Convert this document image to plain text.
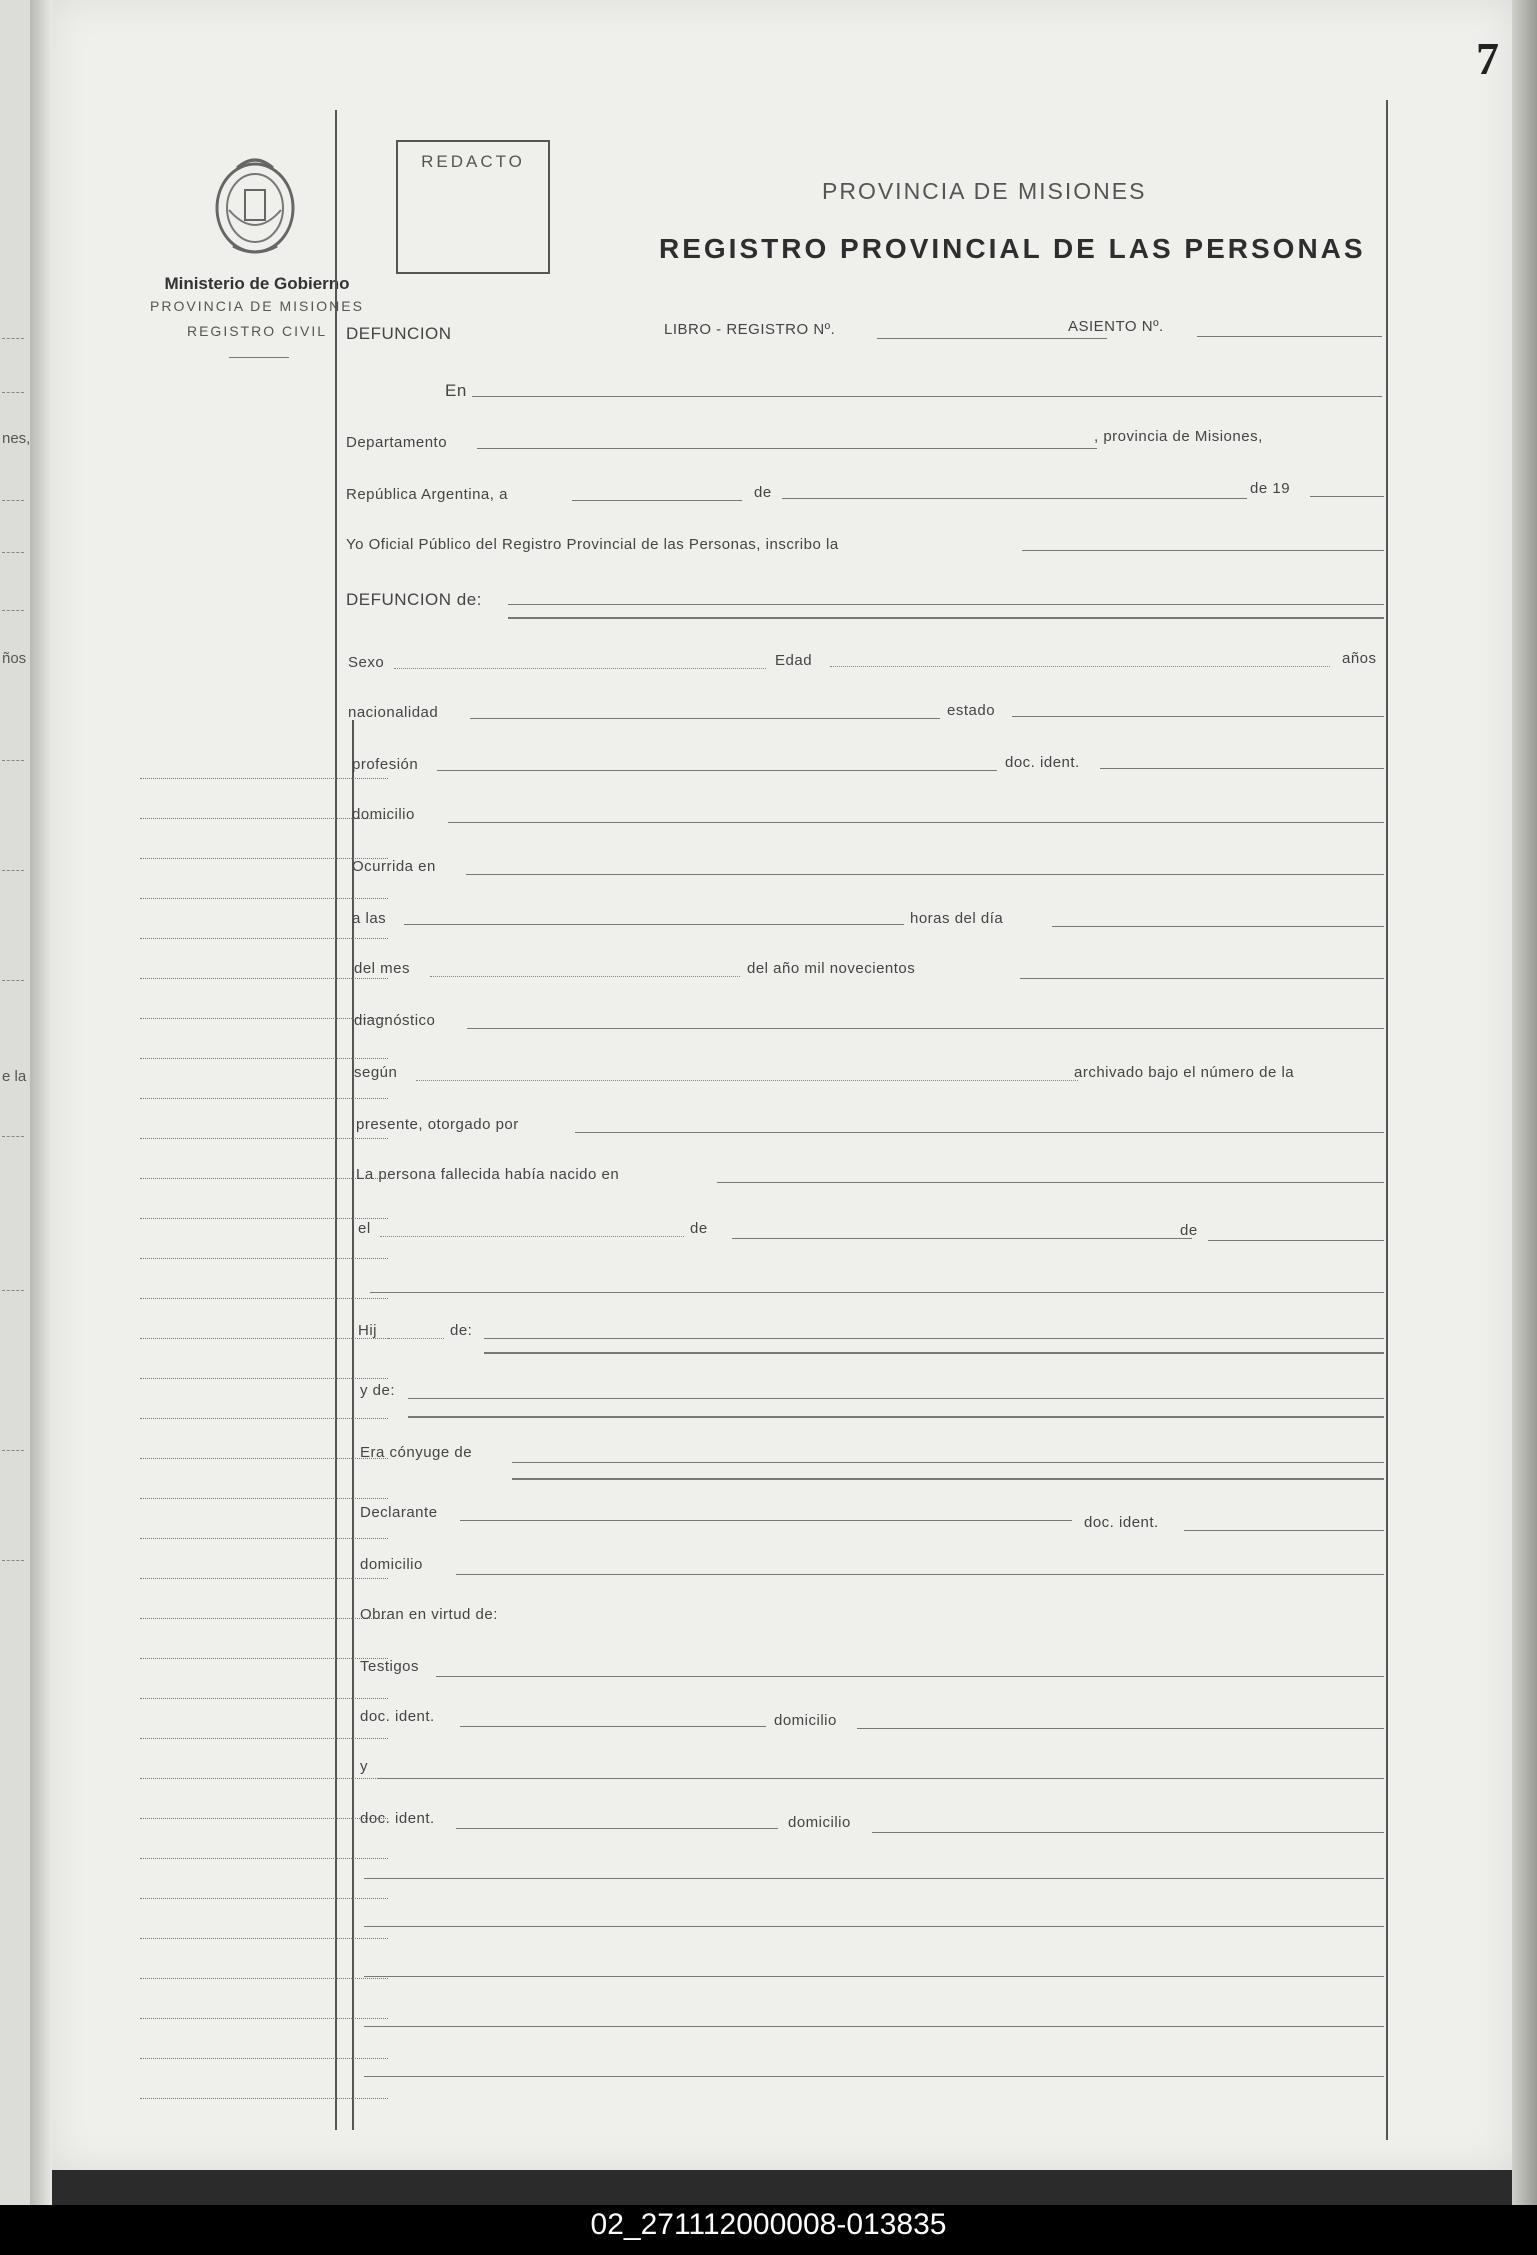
nes,
ños
e la
7
Ministerio de Gobierno
PROVINCIA DE MISIONES
REGISTRO CIVIL
REDACTO
PROVINCIA DE MISIONES
REGISTRO PROVINCIAL DE LAS PERSONAS
DEFUNCION	LIBRO - REGISTRO Nº.	ASIENTO Nº.
En
Departamento	, provincia de Misiones,
República Argentina, a	de	de 19
Yo Oficial Público del Registro Provincial de las Personas, inscribo la
DEFUNCION de:
Sexo	Edad	años
nacionalidad	estado
profesión	doc. ident.
domicilio
Ocurrida en
a las	horas del día
del mes	del año mil novecientos
diagnóstico
según	archivado bajo el número de la
presente, otorgado por
La persona fallecida había nacido en
el	de	de
Hij	de:
y de:
Era cónyuge de
Declarante
doc. ident.
domicilio
Obran en virtud de:
Testigos
doc. ident.	domicilio
y
doc. ident.	domicilio
02_271112000008-013835
